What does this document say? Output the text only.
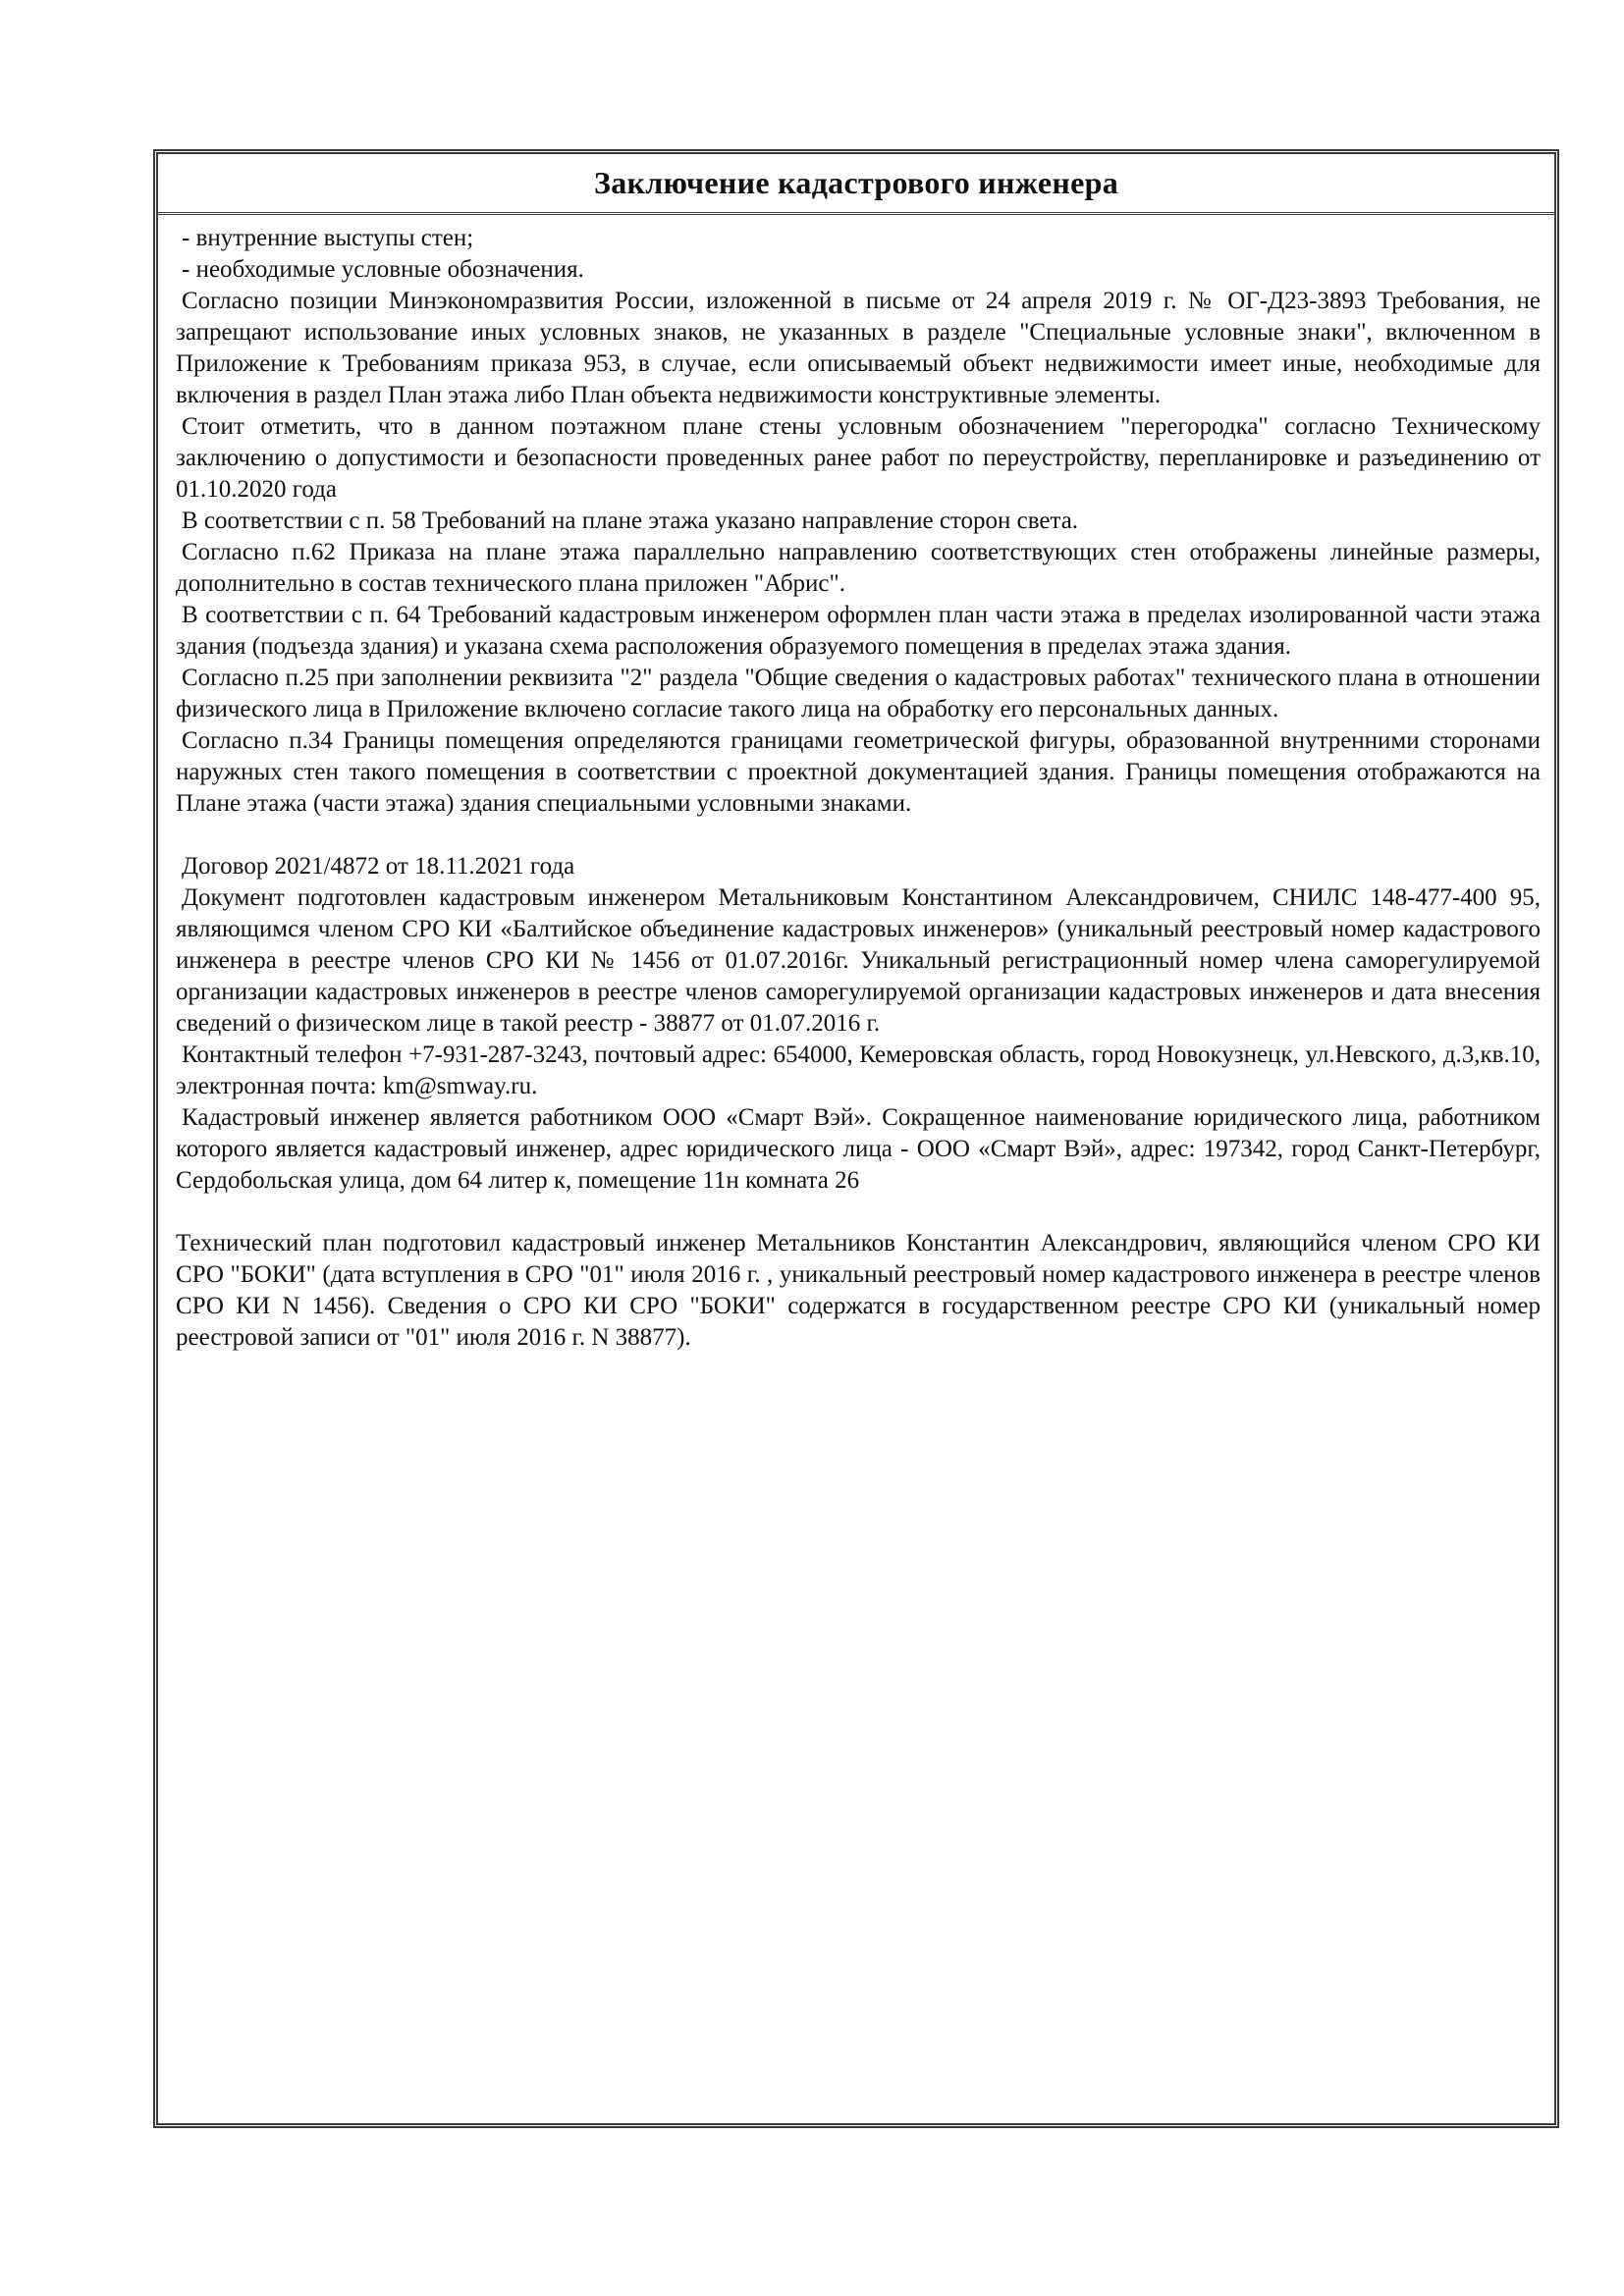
Заключение кадастрового инженера

- внутренние выступы стен;

- необходимые условные обозначения.

Согласно позиции Минэкономразвития России, изложенной в письме от 24 апреля 2019 г. № ОГ-Д23-3893 Требования, не запрещают использование иных условных знаков, не указанных в разделе "Специальные условные знаки", включенном в Приложение к Требованиям приказа 953, в случае, если описываемый объект недвижимости имеет иные, необходимые для включения в раздел План этажа либо План объекта недвижимости конструктивные элементы.

Стоит отметить, что в данном поэтажном плане стены условным обозначением "перегородка" согласно Техническому заключению о допустимости и безопасности проведенных ранее работ по переустройству, перепланировке и разъединению от 01.10.2020 года

В соответствии с п. 58 Требований на плане этажа указано направление сторон света.

Согласно п.62 Приказа на плане этажа параллельно направлению соответствующих стен отображены линейные размеры, дополнительно в состав технического плана приложен "Абрис".

В соответствии с п. 64 Требований кадастровым инженером оформлен план части этажа в пределах изолированной части этажа здания (подъезда здания) и указана схема расположения образуемого помещения в пределах этажа здания.

Согласно п.25 при заполнении реквизита "2" раздела "Общие сведения о кадастровых работах" технического плана в отношении физического лица в Приложение включено согласие такого лица на обработку его персональных данных.

Согласно п.34 Границы помещения определяются границами геометрической фигуры, образованной внутренними сторонами наружных стен такого помещения в соответствии с проектной документацией здания. Границы помещения отображаются на Плане этажа (части этажа) здания специальными условными знаками.

Договор 2021/4872 от 18.11.2021 года

Документ подготовлен кадастровым инженером Метальниковым Константином Александровичем, СНИЛС 148-477-400 95, являющимся членом СРО КИ «Балтийское объединение кадастровых инженеров» (уникальный реестровый номер кадастрового инженера в реестре членов СРО КИ № 1456 от 01.07.2016г. Уникальный регистрационный номер члена саморегулируемой организации кадастровых инженеров в реестре членов саморегулируемой организации кадастровых инженеров и дата внесения сведений о физическом лице в такой реестр - 38877 от 01.07.2016 г.

Контактный телефон +7-931-287-3243, почтовый адрес: 654000, Кемеровская область, город Новокузнецк, ул.Невского, д.3,кв.10, электронная почта: km@smway.ru.

Кадастровый инженер является работником ООО «Смарт Вэй». Сокращенное наименование юридического лица, работником которого является кадастровый инженер, адрес юридического лица - ООО «Смарт Вэй», адрес: 197342, город Санкт-Петербург, Сердобольская улица, дом 64 литер к, помещение 11н комната 26

Технический план подготовил кадастровый инженер Метальников Константин Александрович, являющийся членом СРО КИ СРО "БОКИ" (дата вступления в СРО "01" июля 2016 г. , уникальный реестровый номер кадастрового инженера в реестре членов СРО КИ N 1456). Сведения о СРО КИ СРО "БОКИ" содержатся в государственном реестре СРО КИ (уникальный номер реестровой записи от "01" июля 2016 г. N 38877).
